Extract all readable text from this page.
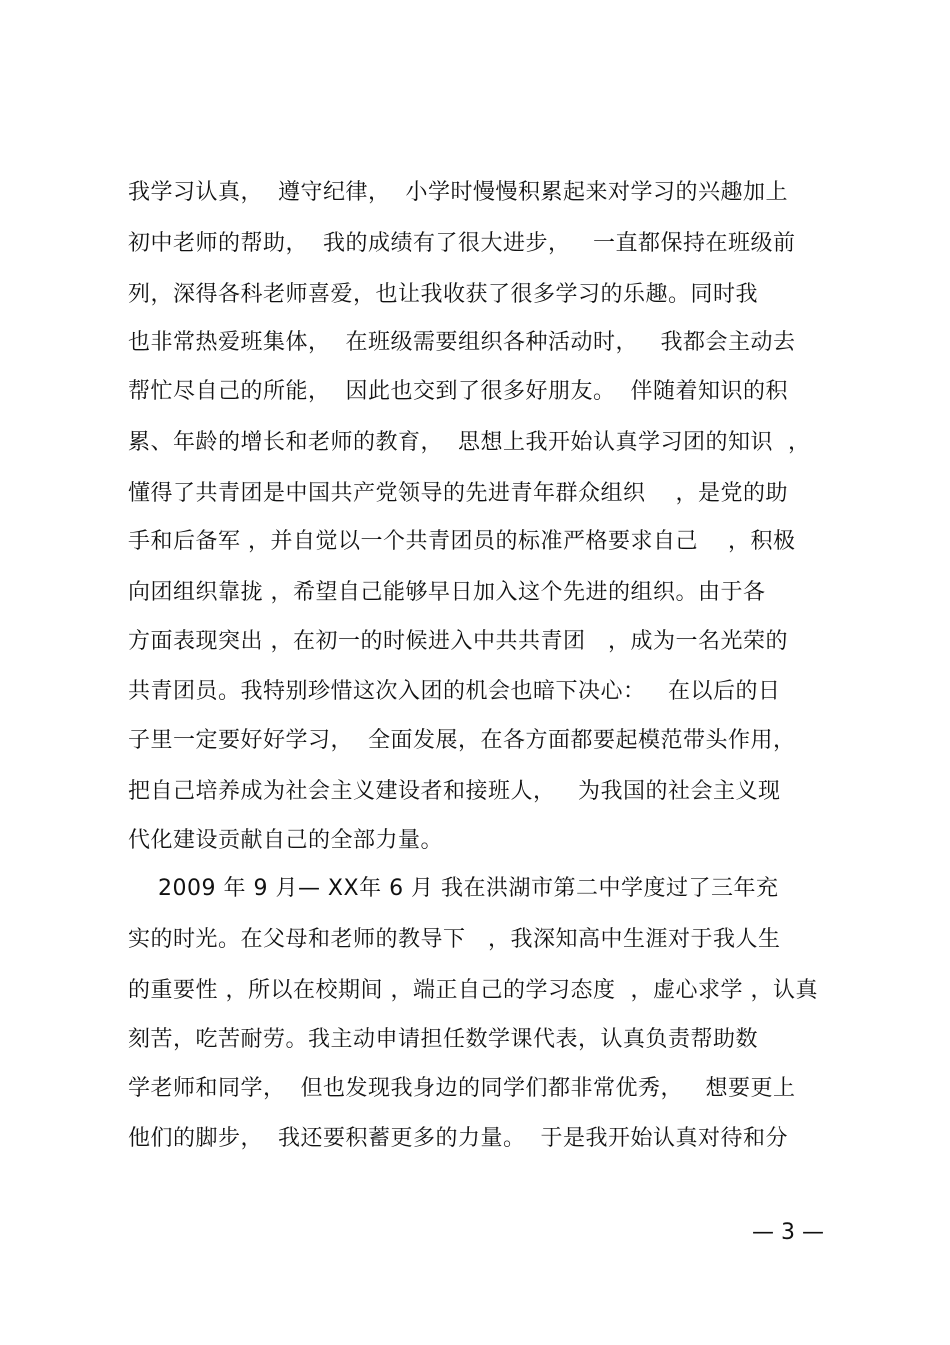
我学习认真，  遵守纪律，  小学时慢慢积累起来对学习的兴趣加上
初中老师的帮助，  我的成绩有了很大进步，   一直都保持在班级前
列，深得各科老师喜爱，也让我收获了很多学习的乐趣。同时我
也非常热爱班集体，  在班级需要组织各种活动时，   我都会主动去
帮忙尽自己的所能，  因此也交到了很多好朋友。  伴随着知识的积
累、年龄的增长和老师的教育，  思想上我开始认真学习团的知识  ，
懂得了共青团是中国共产党领导的先进青年群众组织    ，是党的助
手和后备军 ，并自觉以一个共青团员的标准严格要求自己    ，积极
向团组织靠拢 ，希望自己能够早日加入这个先进的组织。由于各
方面表现突出 ，在初一的时候进入中共共青团   ，成为一名光荣的
共青团员。我特别珍惜这次入团的机会也暗下决心：   在以后的日
子里一定要好好学习，  全面发展，在各方面都要起模范带头作用，
把自己培养成为社会主义建设者和接班人，   为我国的社会主义现
代化建设贡献自己的全部力量。
2009 年 9 月— XX年 6 月 我在洪湖市第二中学度过了三年充
实的时光。在父母和老师的教导下   ，我深知高中生涯对于我人生
的重要性 ，所以在校期间 ，端正自己的学习态度  ，虚心求学 ，认真
刻苦，吃苦耐劳。我主动申请担任数学课代表，认真负责帮助数
学老师和同学，  但也发现我身边的同学们都非常优秀，   想要更上
他们的脚步，  我还要积蓄更多的力量。  于是我开始认真对待和分
— 3 —
